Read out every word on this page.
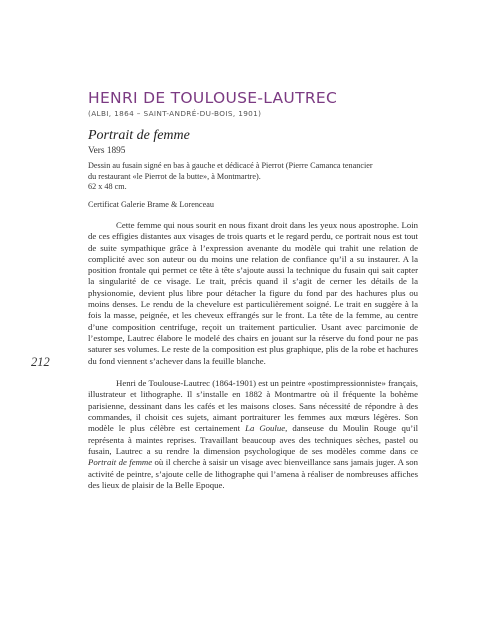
HENRI DE TOULOUSE-LAUTREC
(ALBI, 1864 – SAINT-ANDRÉ-DU-BOIS, 1901)
Portrait de femme
Vers 1895
Dessin au fusain signé en bas à gauche et dédicacé à Pierrot (Pierre Camanca tenancier
du restaurant «le Pierrot de la butte», à Montmartre).
62 x 48 cm.
Certificat Galerie Brame & Lorenceau

Cette femme qui nous sourit en nous fixant droit dans les yeux nous apostrophe. Loin de ces effigies distantes aux visages de trois quarts et le regard perdu, ce portrait nous est tout de suite sympathique grâce à l’expression avenante du modèle qui trahit une relation de complicité avec son auteur ou du moins une relation de confiance qu’il a su instaurer. A la position frontale qui permet ce tête à tête s’ajoute aussi la technique du fusain qui sait capter la singularité de ce visage. Le trait, précis quand il s’agit de cerner les détails de la physionomie, devient plus libre pour détacher la figure du fond par des hachures plus ou moins denses. Le rendu de la chevelure est particulièrement soigné. Le trait en suggère à la fois la masse, peignée, et les cheveux effrangés sur le front. La tête de la femme, au centre d’une composition centrifuge, reçoit un traitement particulier. Usant avec parcimonie de l’estompe, Lautrec élabore le modelé des chairs en jouant sur la réserve du fond pour ne pas saturer ses volumes. Le reste de la composition est plus graphique, plis de la robe et hachures du fond viennent s’achever dans la feuille blanche.

Henri de Toulouse-Lautrec (1864-1901) est un peintre «postimpressionniste» français, illustrateur et lithographe. Il s’installe en 1882 à Montmartre où il fréquente la bohème parisienne, dessinant dans les cafés et les maisons closes. Sans nécessité de répondre à des commandes, il choisit ces sujets, aimant portraiturer les femmes aux mœurs légères. Son modèle le plus célèbre est certainement La Goulue, danseuse du Moulin Rouge qu’il représenta à maintes reprises. Travaillant beaucoup aves des techniques sèches, pastel ou fusain, Lautrec a su rendre la dimension psychologique de ses modèles comme dans ce Portrait de femme où il cherche à saisir un visage avec bienveillance sans jamais juger. A son activité de peintre, s’ajoute celle de lithographe qui l’amena à réaliser de nombreuses affiches des lieux de plaisir de la Belle Epoque.

212
